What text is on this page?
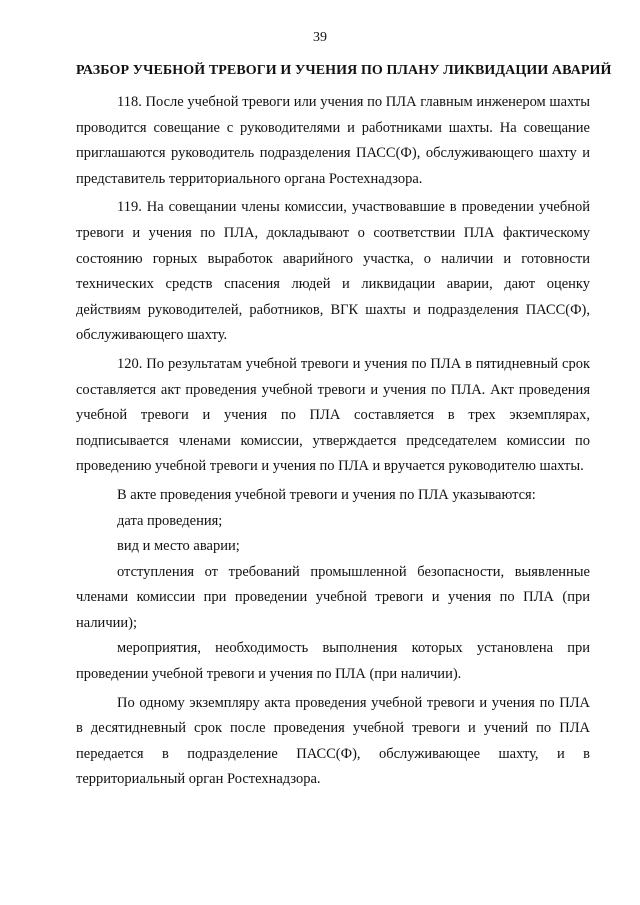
39
РАЗБОР УЧЕБНОЙ ТРЕВОГИ И УЧЕНИЯ ПО ПЛАНУ ЛИКВИДАЦИИ АВАРИЙ

118. После учебной тревоги или учения по ПЛА главным инженером шахты проводится совещание с руководителями и работниками шахты. На совещание приглашаются руководитель подразделения ПАСС(Ф), обслуживающего шахту и представитель территориального органа Ростехнадзора.

119. На совещании члены комиссии, участвовавшие в проведении учебной тревоги и учения по ПЛА, докладывают о соответствии ПЛА фактическому состоянию горных выработок аварийного участка, о наличии и готовности технических средств спасения людей и ликвидации аварии, дают оценку действиям руководителей, работников, ВГК шахты и подразделения ПАСС(Ф), обслуживающего шахту.

120. По результатам учебной тревоги и учения по ПЛА в пятидневный срок составляется акт проведения учебной тревоги и учения по ПЛА. Акт проведения учебной тревоги и учения по ПЛА составляется в трех экземплярах, подписывается членами комиссии, утверждается председателем комиссии по проведению учебной тревоги и учения по ПЛА и вручается руководителю шахты.

В акте проведения учебной тревоги и учения по ПЛА указываются:

дата проведения;

вид и место аварии;

отступления от требований промышленной безопасности, выявленные членами комиссии при проведении учебной тревоги и учения по ПЛА (при наличии);

мероприятия, необходимость выполнения которых установлена при проведении учебной тревоги и учения по ПЛА (при наличии).

По одному экземпляру акта проведения учебной тревоги и учения по ПЛА в десятидневный срок после проведения учебной тревоги и учений по ПЛА передается в подразделение ПАСС(Ф), обслуживающее шахту, и в территориальный орган Ростехнадзора.
